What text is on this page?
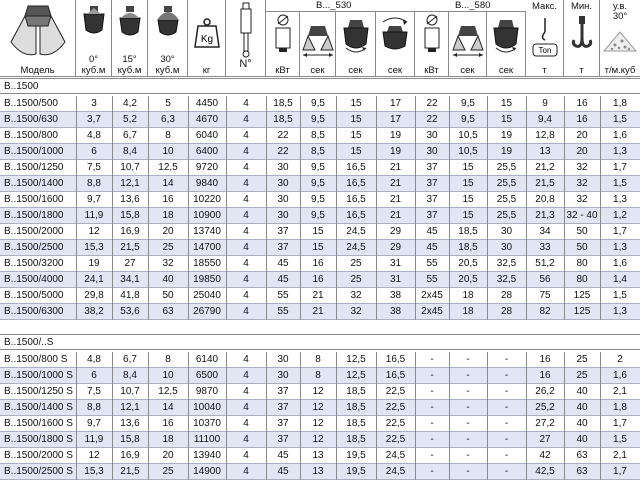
Модель
0°
куб.м
15°
куб.м
30°
куб.м
Kg
кг
N°
B..._530
кВт	сек	сек	сек
B..._580
кВт	сек	сек
Макс.
Ton
т
Мин.
т
у.в.
30°
т/м.куб
B..1500
B..1500/500	3	4,2	5	4450	4	18,5	9,5	15	17	22	9,5	15	9	16	1,8
B..1500/630	3,7	5,2	6,3	4670	4	18,5	9,5	15	17	22	9,5	15	9,4	16	1,5
B..1500/800	4,8	6,7	8	6040	4	22	8,5	15	19	30	10,5	19	12,8	20	1,6
B..1500/1000	6	8,4	10	6400	4	22	8,5	15	19	30	10,5	19	13	20	1,3
B..1500/1250	7,5	10,7	12,5	9720	4	30	9,5	16,5	21	37	15	25,5	21,2	32	1,7
B..1500/1400	8,8	12,1	14	9840	4	30	9,5	16,5	21	37	15	25,5	21,5	32	1,5
B..1500/1600	9,7	13,6	16	10220	4	30	9,5	16,5	21	37	15	25,5	20,8	32	1,3
B..1500/1800	11,9	15,8	18	10900	4	30	9,5	16,5	21	37	15	25,5	21,3	32 - 40	1,2
B..1500/2000	12	16,9	20	13740	4	37	15	24,5	29	45	18,5	30	34	50	1,7
B..1500/2500	15,3	21,5	25	14700	4	37	15	24,5	29	45	18,5	30	33	50	1,3
B..1500/3200	19	27	32	18550	4	45	16	25	31	55	20,5	32,5	51,2	80	1,6
B..1500/4000	24,1	34,1	40	19850	4	45	16	25	31	55	20,5	32,5	56	80	1,4
B..1500/5000	29,8	41,8	50	25040	4	55	21	32	38	2x45	18	28	75	125	1,5
B..1500/6300	38,2	53,6	63	26790	4	55	21	32	38	2x45	18	28	82	125	1,3
B..1500/..S
B..1500/800 S	4,8	6,7	8	6140	4	30	8	12,5	16,5	-	-	-	16	25	2
B..1500/1000 S	6	8,4	10	6500	4	30	8	12,5	16,5	-	-	-	16	25	1,6
B..1500/1250 S	7,5	10,7	12,5	9870	4	37	12	18,5	22,5	-	-	-	26,2	40	2,1
B..1500/1400 S	8,8	12,1	14	10040	4	37	12	18,5	22,5	-	-	-	25,2	40	1,8
B..1500/1600 S	9,7	13,6	16	10370	4	37	12	18,5	22,5	-	-	-	27,2	40	1,7
B..1500/1800 S	11,9	15,8	18	11100	4	37	12	18,5	22,5	-	-	-	27	40	1,5
B..1500/2000 S	12	16,9	20	13940	4	45	13	19,5	24,5	-	-	-	42	63	2,1
B..1500/2500 S	15,3	21,5	25	14900	4	45	13	19,5	24,5	-	-	-	42,5	63	1,7
